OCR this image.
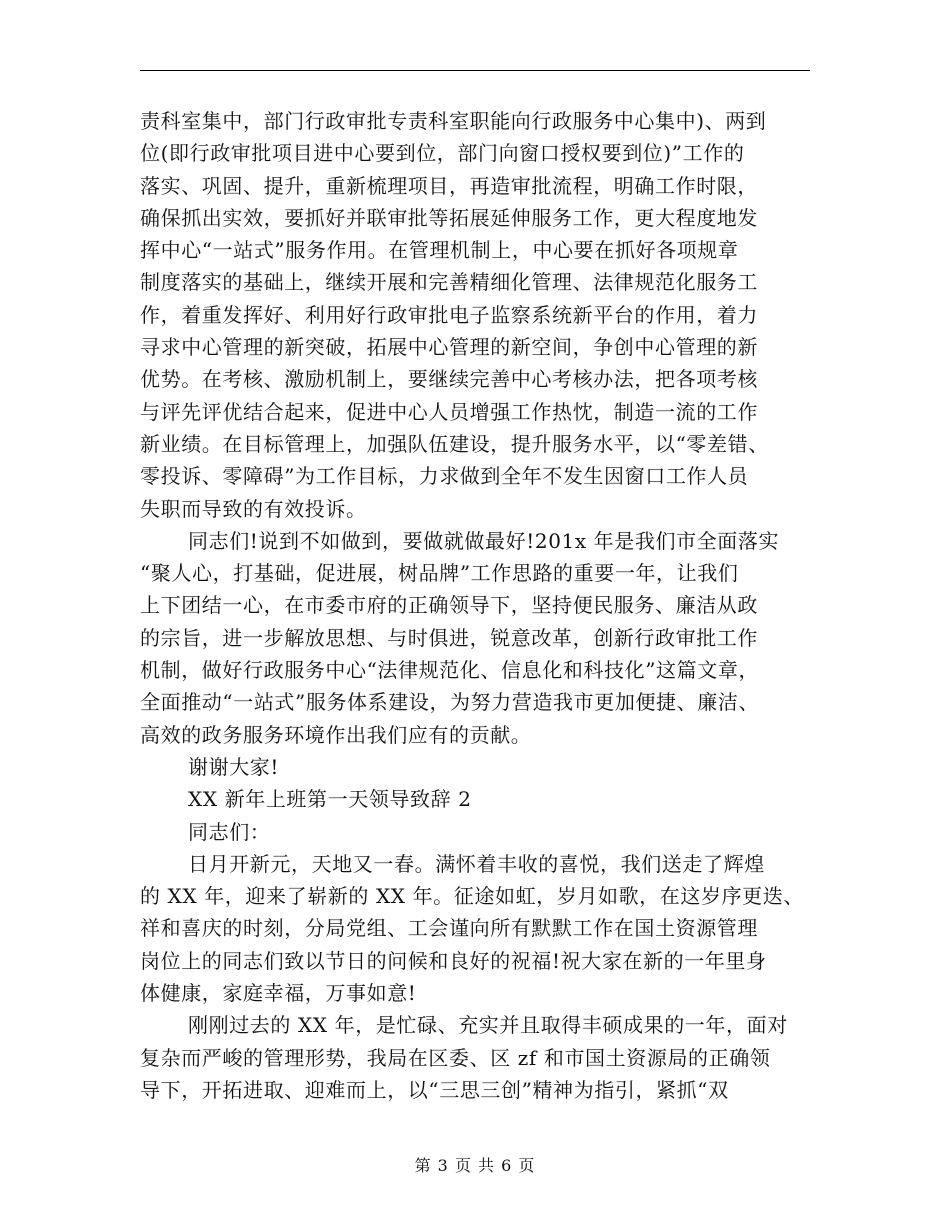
责科室集中，部门行政审批专责科室职能向行政服务中心集中)、两到
位(即行政审批项目进中心要到位，部门向窗口授权要到位)”工作的
落实、巩固、提升，重新梳理项目，再造审批流程，明确工作时限，
确保抓出实效，要抓好并联审批等拓展延伸服务工作，更大程度地发
挥中心“一站式”服务作用。在管理机制上，中心要在抓好各项规章
制度落实的基础上，继续开展和完善精细化管理、法律规范化服务工
作，着重发挥好、利用好行政审批电子监察系统新平台的作用，着力
寻求中心管理的新突破，拓展中心管理的新空间，争创中心管理的新
优势。在考核、激励机制上，要继续完善中心考核办法，把各项考核
与评先评优结合起来，促进中心人员增强工作热忱，制造一流的工作
新业绩。在目标管理上，加强队伍建设，提升服务水平，以“零差错、
零投诉、零障碍”为工作目标，力求做到全年不发生因窗口工作人员
失职而导致的有效投诉。
同志们!说到不如做到，要做就做最好!201x 年是我们市全面落实
“聚人心，打基础，促进展，树品牌”工作思路的重要一年，让我们
上下团结一心，在市委市府的正确领导下，坚持便民服务、廉洁从政
的宗旨，进一步解放思想、与时俱进，锐意改革，创新行政审批工作
机制，做好行政服务中心“法律规范化、信息化和科技化”这篇文章，
全面推动“一站式”服务体系建设，为努力营造我市更加便捷、廉洁、
高效的政务服务环境作出我们应有的贡献。
谢谢大家!
XX 新年上班第一天领导致辞 2
同志们：
日月开新元，天地又一春。满怀着丰收的喜悦，我们送走了辉煌
的 XX 年，迎来了崭新的 XX 年。征途如虹，岁月如歌，在这岁序更迭、
祥和喜庆的时刻，分局党组、工会谨向所有默默工作在国土资源管理
岗位上的同志们致以节日的问候和良好的祝福!祝大家在新的一年里身
体健康，家庭幸福，万事如意!
刚刚过去的 XX 年，是忙碌、充实并且取得丰硕成果的一年，面对
复杂而严峻的管理形势，我局在区委、区 zf 和市国土资源局的正确领
导下，开拓进取、迎难而上，以“三思三创”精神为指引，紧抓“双
第 3 页 共 6 页
